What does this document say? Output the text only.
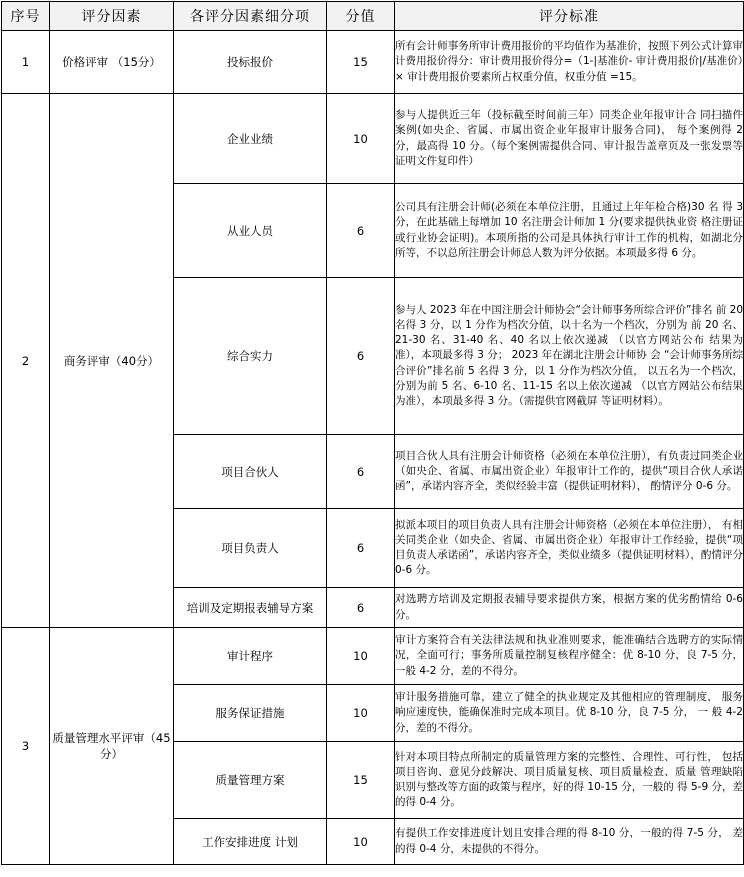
序号	评分因素	各评分因素细分项	分值	评分标准
1	价格评审 （15分）	投标报价	15	所有会计师事务所审计费用报价的平均值作为基准价，按照下列公式计算审计费用报价得分：审计费用报价得分=（1-|基准价- 审计费用报价|/基准价）× 审计费用报价要素所占权重分值，权重分值 =15。
2	商务评审（40分）	企业业绩	10	参与人提供近三年（投标截至时间前三年）同类企业年报审计合 同扫描件案例(如央企、省属、市属出资企业年报审计服务合同)， 每个案例得 2 分，最高得 10 分。（每个案例需提供合同、审计报告盖章页及一张发票等证明文件复印件）
		从业人员	6	公司具有注册会计师(必须在本单位注册，且通过上年年检合格)30 名 得 3 分，在此基础上每增加 10 名注册会计师加 1 分(要求提供执业资 格注册证或行业协会证明)。本项所指的公司是具体执行审计工作的机构，如湖北分所等，不以总所注册会计师总人数为评分依据。本项最多得 6 分。
		综合实力	6	参与人 2023 年在中国注册会计师协会“会计师事务所综合评价”排名 前 20 名得 3 分，以 1 分作为档次分值，以十名为一个档次，分别为 前 20 名、21-30 名、31-40 名、40 名以上依次递减 （以官方网站公布 结果为准），本项最多得 3 分； 2023 年在湖北注册会计师协 会 “会计师事务所综合评价”排名前 5 名得 3 分，以 1 分作为档次分值， 以五名为一个档次，分别为前 5 名、6-10 名、11-15 名以上依次递减 （以官方网站公布结果为准），本项最多得 3 分。（需提供官网截屏 等证明材料）。
		项目合伙人	6	项目合伙人具有注册会计师资格（必须在本单位注册），有负责过同类企业（如央企、省属、市属出资企业）年报审计工作的，提供“项目合伙人承诺函”，承诺内容齐全，类似经验丰富（提供证明材料）， 酌情评分 0-6 分。
		项目负责人	6	拟派本项目的项目负责人具有注册会计师资格（必须在本单位注册）， 有相关同类企业（如央企、省属、市属出资企业）年报审计工作经验，提供“项目负责人承诺函”，承诺内容齐全，类似业绩多（提供证明材料），酌情评分 0-6 分。
		培训及定期报表辅导方案	6	对选聘方培训及定期报表辅导要求提供方案，根据方案的优劣酌情给 0-6 分。
3	质量管理水平评审（45分）	审计程序	10	审计方案符合有关法律法规和执业准则要求，能准确结合选聘方的实际情况，全面可行；事务所质量控制复核程序健全：优 8-10 分，良 7-5 分，一般 4-2 分，差的不得分。
		服务保证措施	10	审计服务措施可靠，建立了健全的执业规定及其他相应的管理制度， 服务响应速度快，能确保准时完成本项目。优 8-10 分，良 7-5 分， 一 般 4-2 分，差的不得分。
		质量管理方案	15	针对本项目特点所制定的质量管理方案的完整性、合理性、可行性， 包括项目咨询、意见分歧解决、项目质量复核、项目质量检查、质量 管理缺陷识别与整改等方面的政策与程序，好的得 10-15 分，一般的 得 5-9 分，差的得 0-4 分。
		工作安排进度 计划	10	有提供工作安排进度计划且安排合理的得 8-10 分，一般的得 7-5 分， 差的得 0-4 分，未提供的不得分。
